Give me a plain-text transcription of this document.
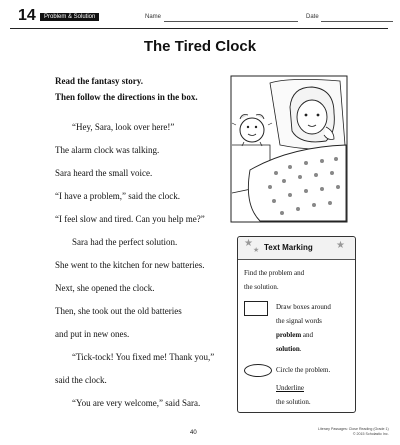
14	Problem & Solution	Name	Date
The Tired Clock
Read the fantasy story.
Then follow the directions in the box.
“Hey, Sara, look over here!”
The alarm clock was talking.
Sara heard the small voice.
“I have a problem,” said the clock.
“I feel slow and tired. Can you help me?”
Sara had the perfect solution.
She went to the kitchen for new batteries.
Next, she opened the clock.
Then, she took out the old batteries
and put in new ones.
“Tick-tock! You fixed me! Thank you,”
said the clock.
“You are very welcome,” said Sara.
★
★ Text Marking ★
Find the problem and
the solution.
Draw boxes around
the signal words
problem and
solution.
Circle the problem.
Underline
the solution.
40
Literary Passages: Close Reading (Grade 1)
© 2015 Scholastic Inc.
